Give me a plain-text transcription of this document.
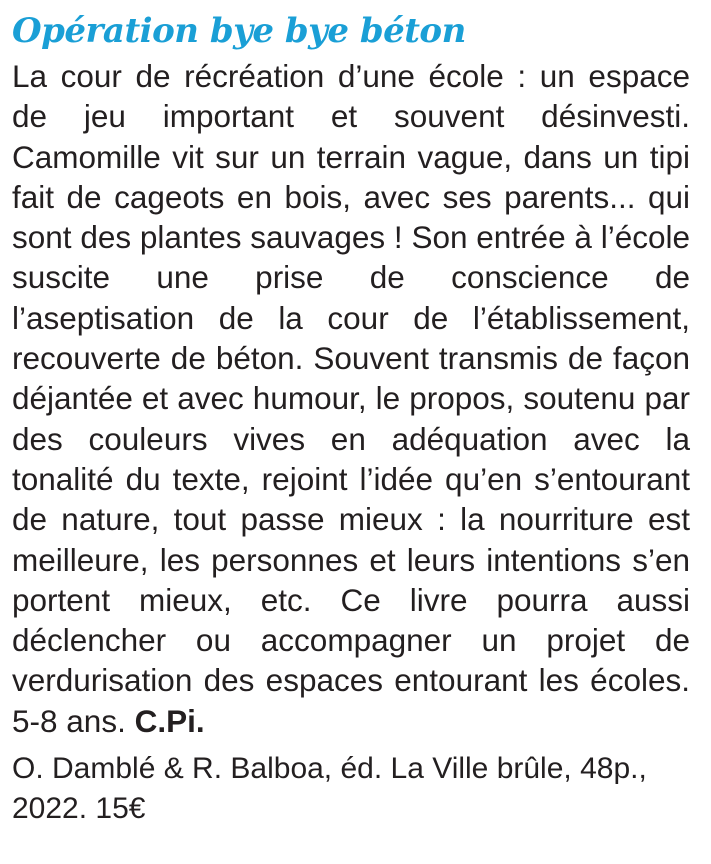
Opération bye bye béton

La cour de récréation d’une école : un espace de jeu important et souvent désinvesti. Camomille vit sur un terrain vague, dans un tipi fait de cageots en bois, avec ses parents... qui sont des plantes sauvages ! Son entrée à l’école suscite une prise de conscience de l’aseptisation de la cour de l’établissement, recouverte de béton. Souvent transmis de façon déjantée et avec humour, le propos, soutenu par des couleurs vives en adéquation avec la tonalité du texte, rejoint l’idée qu’en s’entourant de nature, tout passe mieux : la nourriture est meilleure, les personnes et leurs intentions s’en portent mieux, etc. Ce livre pourra aussi déclencher ou accompagner un projet de verdurisation des espaces entourant les écoles. 5-8 ans. C.Pi.

O. Damblé & R. Balboa, éd. La Ville brûle, 48p., 2022. 15€
